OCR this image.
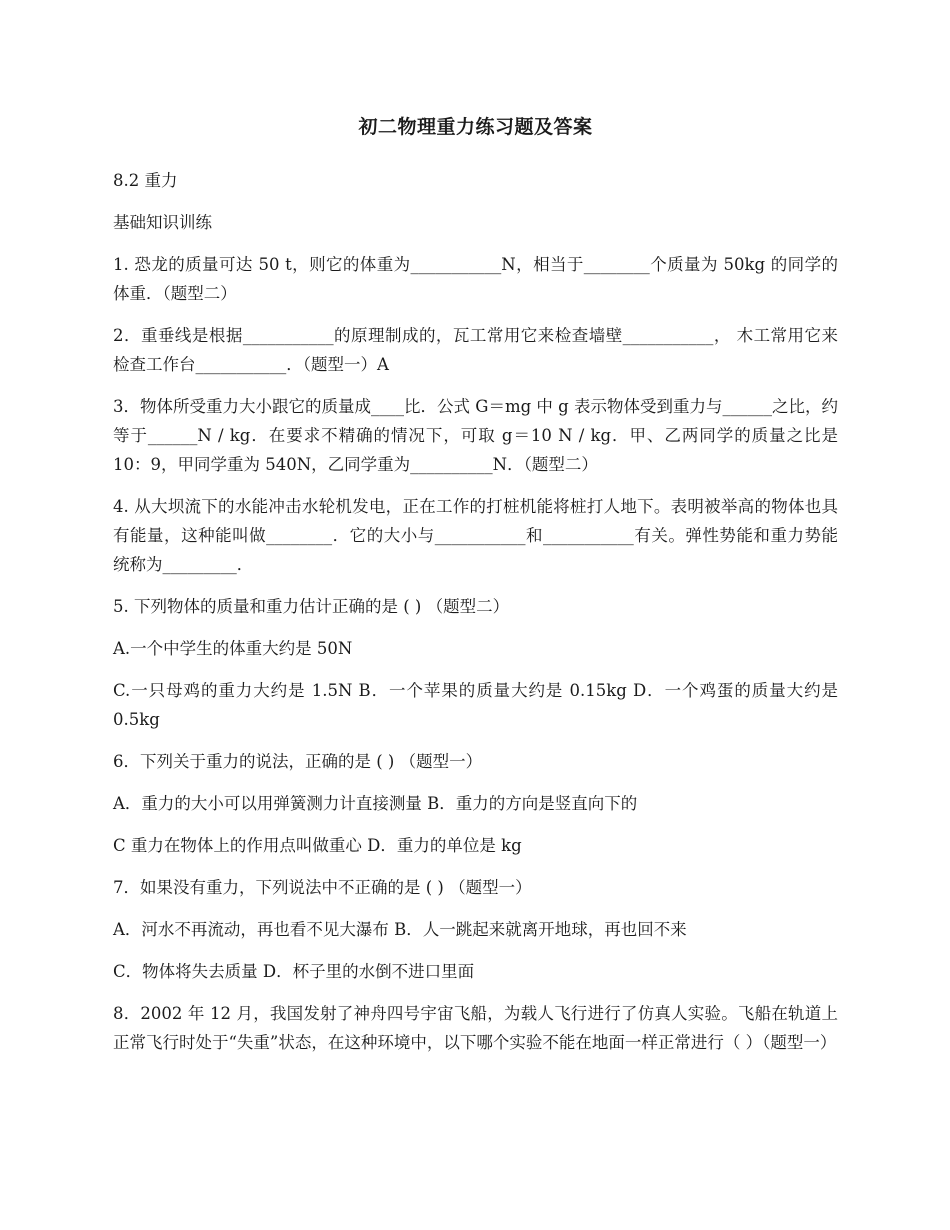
初二物理重力练习题及答案
8.2 重力
基础知识训练
1. 恐龙的质量可达 50 t，则它的体重为___________N，相当于________个质量为 50kg 的同学的体重．（题型二）
2．重垂线是根据___________的原理制成的，瓦工常用它来检查墙壁___________， 木工常用它来检查工作台___________．（题型一）A
3．物体所受重力大小跟它的质量成____比．公式 G＝mg 中 g 表示物体受到重力与______之比，约等于______N / kg．在要求不精确的情况下，可取 g＝10 N / kg．甲、乙两同学的质量之比是 10：9，甲同学重为 540N，乙同学重为__________N．（题型二）
4. 从大坝流下的水能冲击水轮机发电，正在工作的打桩机能将桩打人地下。表明被举高的物体也具有能量，这种能叫做________．它的大小与___________和___________有关。弹性势能和重力势能统称为_________．
5. 下列物体的质量和重力估计正确的是 ( ) （题型二）
A.一个中学生的体重大约是 50N
C.一只母鸡的重力大约是 1.5N B．一个苹果的质量大约是 0.15kg D．一个鸡蛋的质量大约是 0.5kg
6．下列关于重力的说法，正确的是 ( ) （题型一）
A．重力的大小可以用弹簧测力计直接测量 B．重力的方向是竖直向下的
C 重力在物体上的作用点叫做重心 D．重力的单位是 kg
7．如果没有重力，下列说法中不正确的是 ( ) （题型一）
A．河水不再流动，再也看不见大瀑布 B．人一跳起来就离开地球，再也回不来
C．物体将失去质量 D．杯子里的水倒不进口里面
8．2002 年 12 月，我国发射了神舟四号宇宙飞船，为载人飞行进行了仿真人实验。飞船在轨道上正常飞行时处于“失重”状态，在这种环境中，以下哪个实验不能在地面一样正常进行（ ）（题型一）
